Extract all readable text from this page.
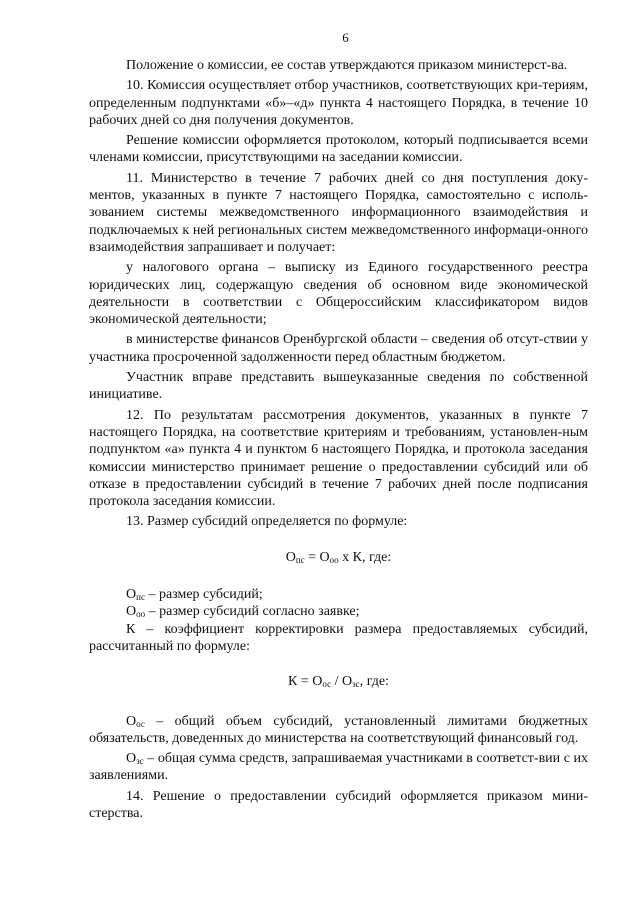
6

Положение о комиссии, ее состав утверждаются приказом министерст-ва.

10. Комиссия осуществляет отбор участников, соответствующих кри-териям, определенным подпунктами «б»–«д» пункта 4 настоящего Порядка, в течение 10 рабочих дней со дня получения документов.

Решение комиссии оформляется протоколом, который подписывается всеми членами комиссии, присутствующими на заседании комиссии.

11. Министерство в течение 7 рабочих дней со дня поступления доку-ментов, указанных в пункте 7 настоящего Порядка, самостоятельно с исполь-зованием системы межведомственного информационного взаимодействия и подключаемых к ней региональных систем межведомственного информаци-онного взаимодействия запрашивает и получает:

у налогового органа – выписку из Единого государственного реестра юридических лиц, содержащую сведения об основном виде экономической деятельности в соответствии с Общероссийским классификатором видов экономической деятельности;

в министерстве финансов Оренбургской области – сведения об отсут-ствии у участника просроченной задолженности перед областным бюджетом.

Участник вправе представить вышеуказанные сведения по собственной инициативе.

12. По результатам рассмотрения документов, указанных в пункте 7 настоящего Порядка, на соответствие критериям и требованиям, установлен-ным подпунктом «а» пункта 4 и пунктом 6 настоящего Порядка, и протокола заседания комиссии министерство принимает решение о предоставлении субсидий или об отказе в предоставлении субсидий в течение 7 рабочих дней после подписания протокола заседания комиссии.

13. Размер субсидий определяется по формуле:

$О_{пс} = О_{оо}$ х К, где:

$О_{пс}$ – размер субсидий;

$О_{оо}$ – размер субсидий согласно заявке;

К – коэффициент корректировки размера предоставляемых субсидий, рассчитанный по формуле:

$К = О_{ос} / О_{зс}$, где:

$О_{ос}$ – общий объем субсидий, установленный лимитами бюджетных обязательств, доведенных до министерства на соответствующий финансовый год.

$О_{зс}$ – общая сумма средств, запрашиваемая участниками в соответст-вии с их заявлениями.

14. Решение о предоставлении субсидий оформляется приказом мини-стерства.
